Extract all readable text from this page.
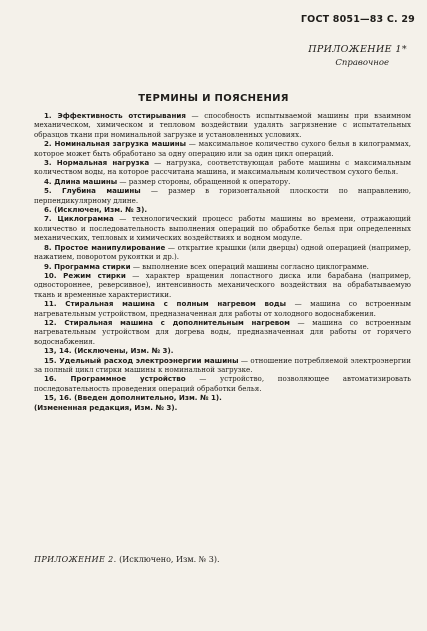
ГОСТ 8051—83 С. 29
ПРИЛОЖЕНИЕ 1*
Справочное
ТЕРМИНЫ И ПОЯСНЕНИЯ

1. Эффективность отстирывания — способность испытываемой машины при взаимном механическом, химическом и тепловом воздействии удалять загрязнение с испытательных образцов ткани при номинальной загрузке и установленных условиях.

2. Номинальная загрузка машины — максимальное количество сухого белья в килограммах, которое может быть обработано за одну операцию или за один цикл операций.

3. Нормальная нагрузка — нагрузка, соответствующая работе машины с максимальным количеством воды, на которое рассчитана машина, и максимальным количеством сухого белья.

4. Длина машины — размер стороны, обращенной к оператору.

5. Глубина машины — размер в горизонтальной плоскости по направлению, перпендикулярному длине.

6. (Исключен, Изм. № 3).

7. Циклограмма — технологический процесс работы машины во времени, отражающий количество и последовательность выполнения операций по обработке белья при определенных механических, тепловых и химических воздействиях и водном модуле.

8. Простое манипулирование — открытие крышки (или дверцы) одной операцией (например, нажатием, поворотом рукоятки и др.).

9. Программа стирки — выполнение всех операций машины согласно циклограмме.

10. Режим стирки — характер вращения лопастного диска или барабана (например, одностороннее, реверсивное), интенсивность механического воздействия на обрабатываемую ткань и временные характеристики.

11. Стиральная машина с полным нагревом воды — машина со встроенным нагревательным устройством, предназначенная для работы от холодного водоснабжения.

12. Стиральная машина с дополнительным нагревом — машина со встроенным нагревательным устройством для догрева воды, предназначенная для работы от горячего водоснабжения.

13, 14. (Исключены, Изм. № 3).

15. Удельный расход электроэнергии машины — отношение потребляемой электроэнергии за полный цикл стирки машины к номинальной загрузке.

16. Программное устройство — устройство, позволяющее автоматизировать последовательность проведения операций обработки белья.

15, 16. (Введен дополнительно, Изм. № 1).

(Измененная редакция, Изм. № 3).

ПРИЛОЖЕНИЕ 2. (Исключено, Изм. № 3).
